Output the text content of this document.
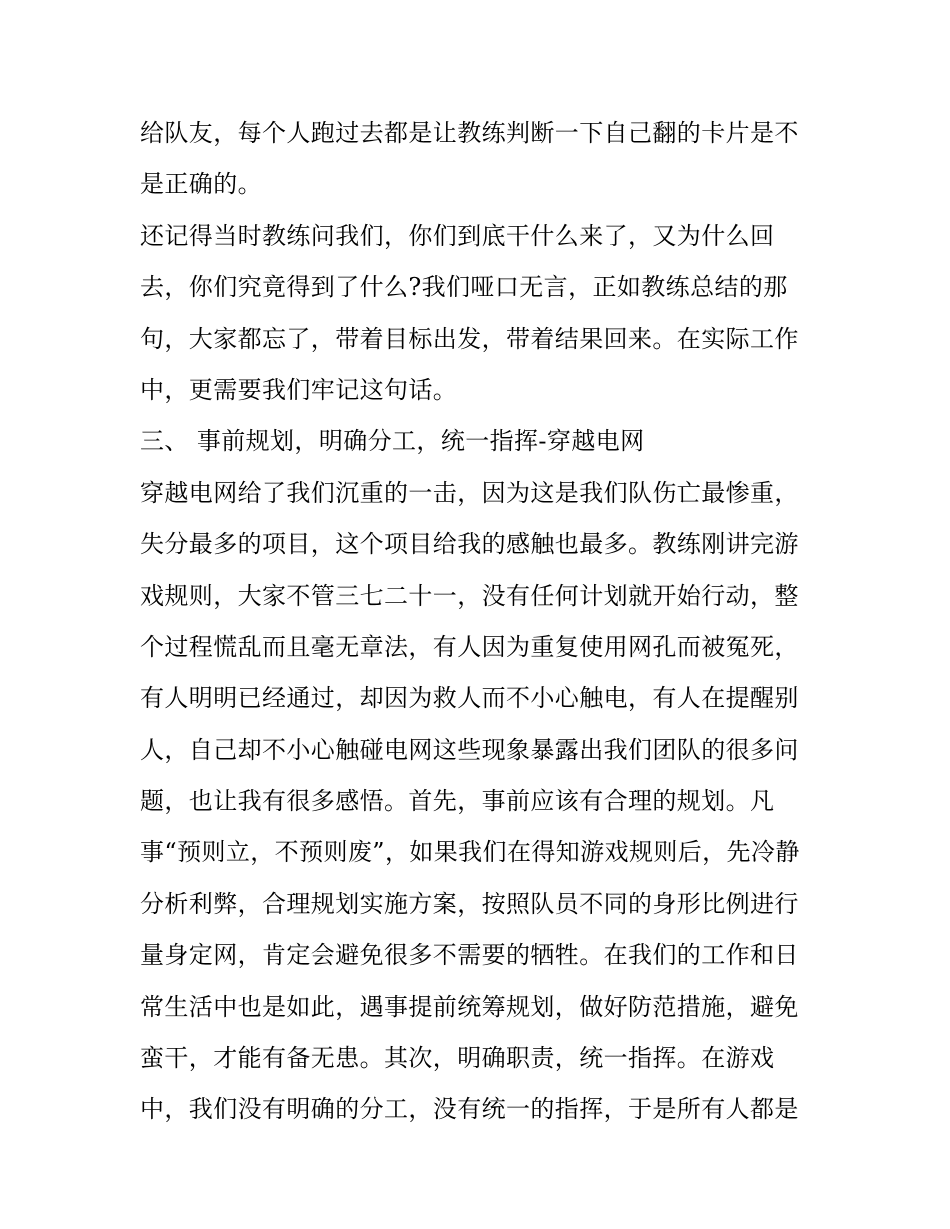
给队友，每个人跑过去都是让教练判断一下自己翻的卡片是不
是正确的。
还记得当时教练问我们，你们到底干什么来了，又为什么回
去，你们究竟得到了什么?我们哑口无言，正如教练总结的那
句，大家都忘了，带着目标出发，带着结果回来。在实际工作
中，更需要我们牢记这句话。
三、 事前规划，明确分工，统一指挥-穿越电网
穿越电网给了我们沉重的一击，因为这是我们队伤亡最惨重，
失分最多的项目，这个项目给我的感触也最多。教练刚讲完游
戏规则，大家不管三七二十一，没有任何计划就开始行动，整
个过程慌乱而且毫无章法，有人因为重复使用网孔而被冤死，
有人明明已经通过，却因为救人而不小心触电，有人在提醒别
人，自己却不小心触碰电网这些现象暴露出我们团队的很多问
题，也让我有很多感悟。首先，事前应该有合理的规划。凡
事“预则立，不预则废”，如果我们在得知游戏规则后，先冷静
分析利弊，合理规划实施方案，按照队员不同的身形比例进行
量身定网，肯定会避免很多不需要的牺牲。在我们的工作和日
常生活中也是如此，遇事提前统筹规划，做好防范措施，避免
蛮干，才能有备无患。其次，明确职责，统一指挥。在游戏
中，我们没有明确的分工，没有统一的指挥，于是所有人都是
